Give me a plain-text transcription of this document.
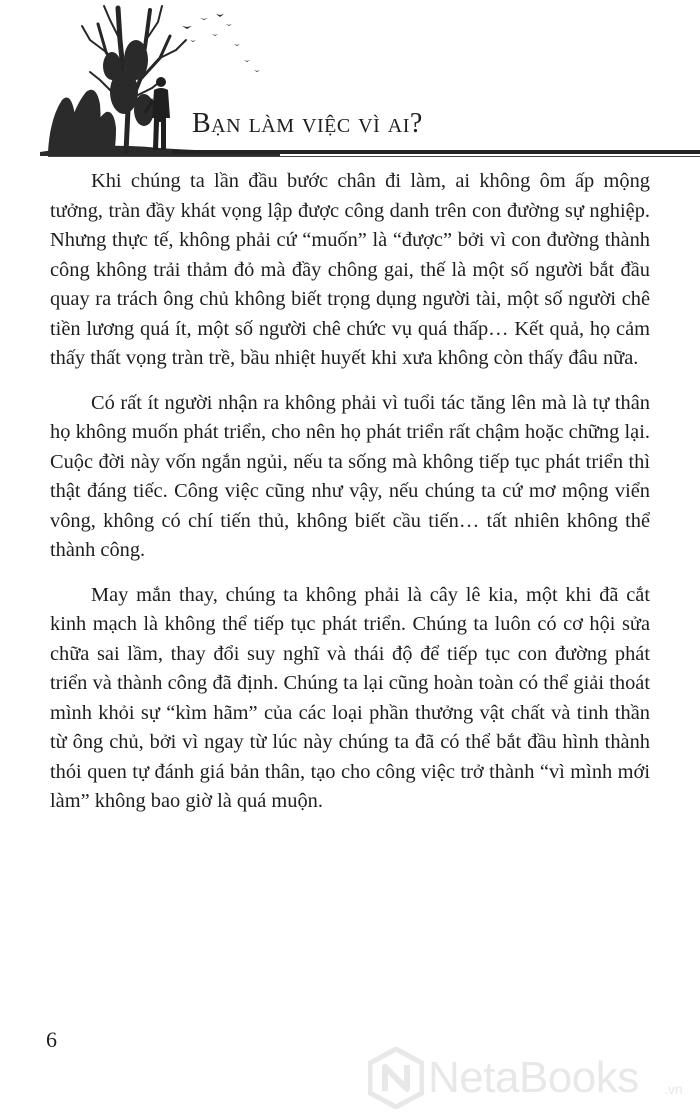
Bạn làm việc vì ai?

Khi chúng ta lần đầu bước chân đi làm, ai không ôm ấp mộng tưởng, tràn đầy khát vọng lập được công danh trên con đường sự nghiệp. Nhưng thực tế, không phải cứ “muốn” là “được” bởi vì con đường thành công không trải thảm đỏ mà đầy chông gai, thế là một số người bắt đầu quay ra trách ông chủ không biết trọng dụng người tài, một số người chê tiền lương quá ít, một số người chê chức vụ quá thấp… Kết quả, họ cảm thấy thất vọng tràn trề, bầu nhiệt huyết khi xưa không còn thấy đâu nữa.

Có rất ít người nhận ra không phải vì tuổi tác tăng lên mà là tự thân họ không muốn phát triển, cho nên họ phát triển rất chậm hoặc chững lại. Cuộc đời này vốn ngắn ngủi, nếu ta sống mà không tiếp tục phát triển thì thật đáng tiếc. Công việc cũng như vậy, nếu chúng ta cứ mơ mộng viển vông, không có chí tiến thủ, không biết cầu tiến… tất nhiên không thể thành công.

May mắn thay, chúng ta không phải là cây lê kia, một khi đã cắt kinh mạch là không thể tiếp tục phát triển. Chúng ta luôn có cơ hội sửa chữa sai lầm, thay đổi suy nghĩ và thái độ để tiếp tục con đường phát triển và thành công đã định. Chúng ta lại cũng hoàn toàn có thể giải thoát mình khỏi sự “kìm hãm” của các loại phần thưởng vật chất và tinh thần từ ông chủ, bởi vì ngay từ lúc này chúng ta đã có thể bắt đầu hình thành thói quen tự đánh giá bản thân, tạo cho công việc trở thành “vì mình mới làm” không bao giờ là quá muộn.

6
NetaBooks .vn
